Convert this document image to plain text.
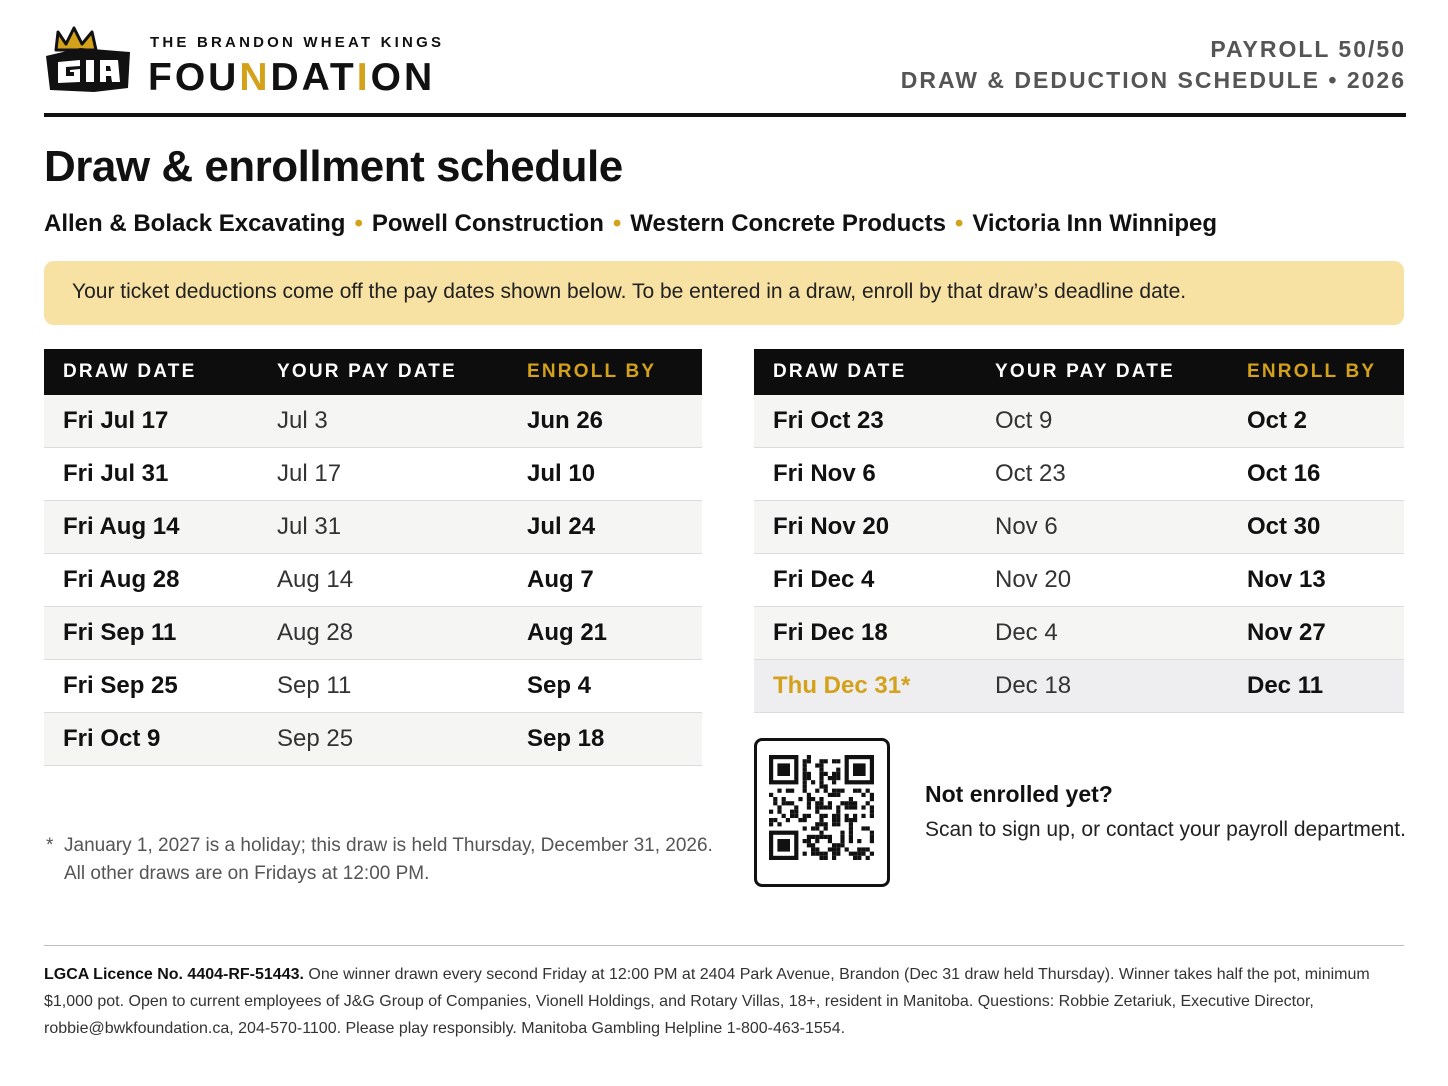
THE BRANDON WHEAT KINGS
FOUNDATION
PAYROLL 50/50
DRAW & DEDUCTION SCHEDULE • 2026
Draw & enrollment schedule
Allen & Bolack Excavating • Powell Construction • Western Concrete Products • Victoria Inn Winnipeg
Your ticket deductions come off the pay dates shown below. To be entered in a draw, enroll by that draw’s deadline date.
DRAW DATE	YOUR PAY DATE	ENROLL BY
Fri Jul 17	Jul 3	Jun 26
Fri Jul 31	Jul 17	Jul 10
Fri Aug 14	Jul 31	Jul 24
Fri Aug 28	Aug 14	Aug 7
Fri Sep 11	Aug 28	Aug 21
Fri Sep 25	Sep 11	Sep 4
Fri Oct 9	Sep 25	Sep 18
DRAW DATE	YOUR PAY DATE	ENROLL BY
Fri Oct 23	Oct 9	Oct 2
Fri Nov 6	Oct 23	Oct 16
Fri Nov 20	Nov 6	Oct 30
Fri Dec 4	Nov 20	Nov 13
Fri Dec 18	Dec 4	Nov 27
Thu Dec 31*	Dec 18	Dec 11
* January 1, 2027 is a holiday; this draw is held Thursday, December 31, 2026.
All other draws are on Fridays at 12:00 PM.
Not enrolled yet?
Scan to sign up, or contact your payroll department.
LGCA Licence No. 4404-RF-51443. One winner drawn every second Friday at 12:00 PM at 2404 Park Avenue, Brandon (Dec 31 draw held Thursday). Winner takes half the pot, minimum $1,000 pot. Open to current employees of J&G Group of Companies, Vionell Holdings, and Rotary Villas, 18+, resident in Manitoba. Questions: Robbie Zetariuk, Executive Director, robbie@bwkfoundation.ca, 204-570-1100. Please play responsibly. Manitoba Gambling Helpline 1-800-463-1554.
